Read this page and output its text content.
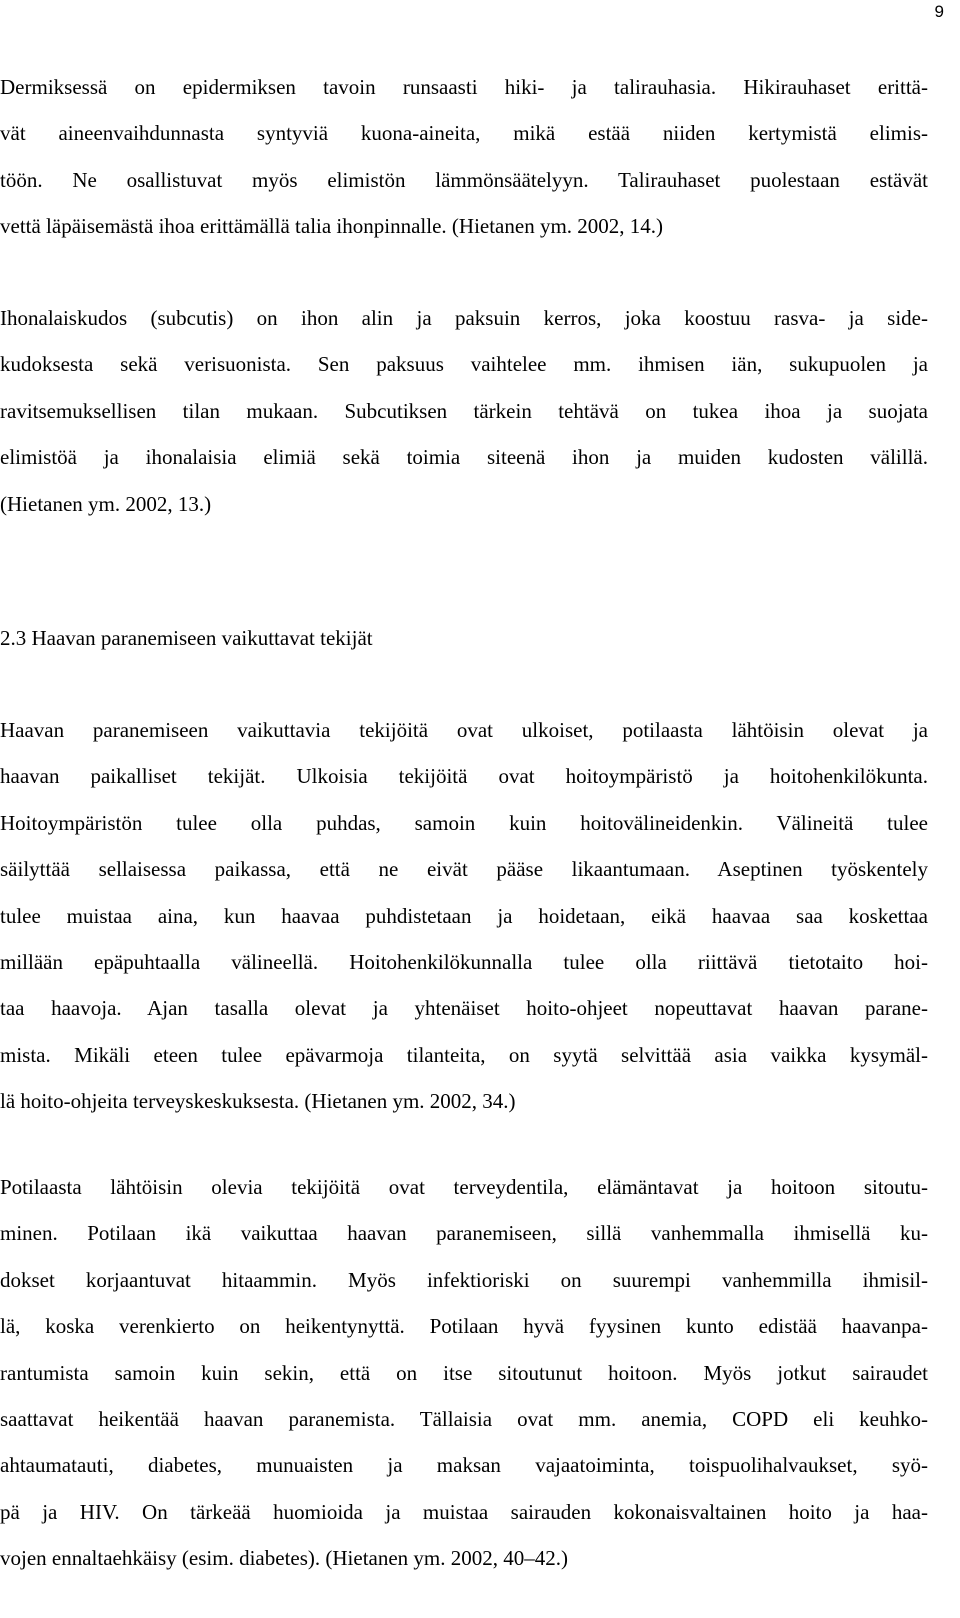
9
Dermiksessä on epidermiksen tavoin runsaasti hiki- ja talirauhasia. Hikirauhaset erittä-
vät aineenvaihdunnasta syntyviä kuona-aineita, mikä estää niiden kertymistä elimis-
töön. Ne osallistuvat myös elimistön lämmönsäätelyyn. Talirauhaset puolestaan estävät
vettä läpäisemästä ihoa erittämällä talia ihonpinnalle. (Hietanen ym. 2002, 14.)
Ihonalaiskudos (subcutis) on ihon alin ja paksuin kerros, joka koostuu rasva- ja side-
kudoksesta sekä verisuonista. Sen paksuus vaihtelee mm. ihmisen iän, sukupuolen ja
ravitsemuksellisen tilan mukaan. Subcutiksen tärkein tehtävä on tukea ihoa ja suojata
elimistöä ja ihonalaisia elimiä sekä toimia siteenä ihon ja muiden kudosten välillä.
(Hietanen ym. 2002, 13.)
2.3 Haavan paranemiseen vaikuttavat tekijät
Haavan paranemiseen vaikuttavia tekijöitä ovat ulkoiset, potilaasta lähtöisin olevat ja
haavan paikalliset tekijät. Ulkoisia tekijöitä ovat hoitoympäristö ja hoitohenkilökunta.
Hoitoympäristön tulee olla puhdas, samoin kuin hoitovälineidenkin. Välineitä tulee
säilyttää sellaisessa paikassa, että ne eivät pääse likaantumaan. Aseptinen työskentely
tulee muistaa aina, kun haavaa puhdistetaan ja hoidetaan, eikä haavaa saa koskettaa
millään epäpuhtaalla välineellä. Hoitohenkilökunnalla tulee olla riittävä tietotaito hoi-
taa haavoja. Ajan tasalla olevat ja yhtenäiset hoito-ohjeet nopeuttavat haavan parane-
mista. Mikäli eteen tulee epävarmoja tilanteita, on syytä selvittää asia vaikka kysymäl-
lä hoito-ohjeita terveyskeskuksesta. (Hietanen ym. 2002, 34.)
Potilaasta lähtöisin olevia tekijöitä ovat terveydentila, elämäntavat ja hoitoon sitoutu-
minen. Potilaan ikä vaikuttaa haavan paranemiseen, sillä vanhemmalla ihmisellä ku-
dokset korjaantuvat hitaammin. Myös infektioriski on suurempi vanhemmilla ihmisil-
lä, koska verenkierto on heikentynyttä. Potilaan hyvä fyysinen kunto edistää haavanpa-
rantumista samoin kuin sekin, että on itse sitoutunut hoitoon. Myös jotkut sairaudet
saattavat heikentää haavan paranemista. Tällaisia ovat mm. anemia, COPD eli keuhko-
ahtaumatauti, diabetes, munuaisten ja maksan vajaatoiminta, toispuolihalvaukset, syö-
pä ja HIV. On tärkeää huomioida ja muistaa sairauden kokonaisvaltainen hoito ja haa-
vojen ennaltaehkäisy (esim. diabetes). (Hietanen ym. 2002, 40–42.)
